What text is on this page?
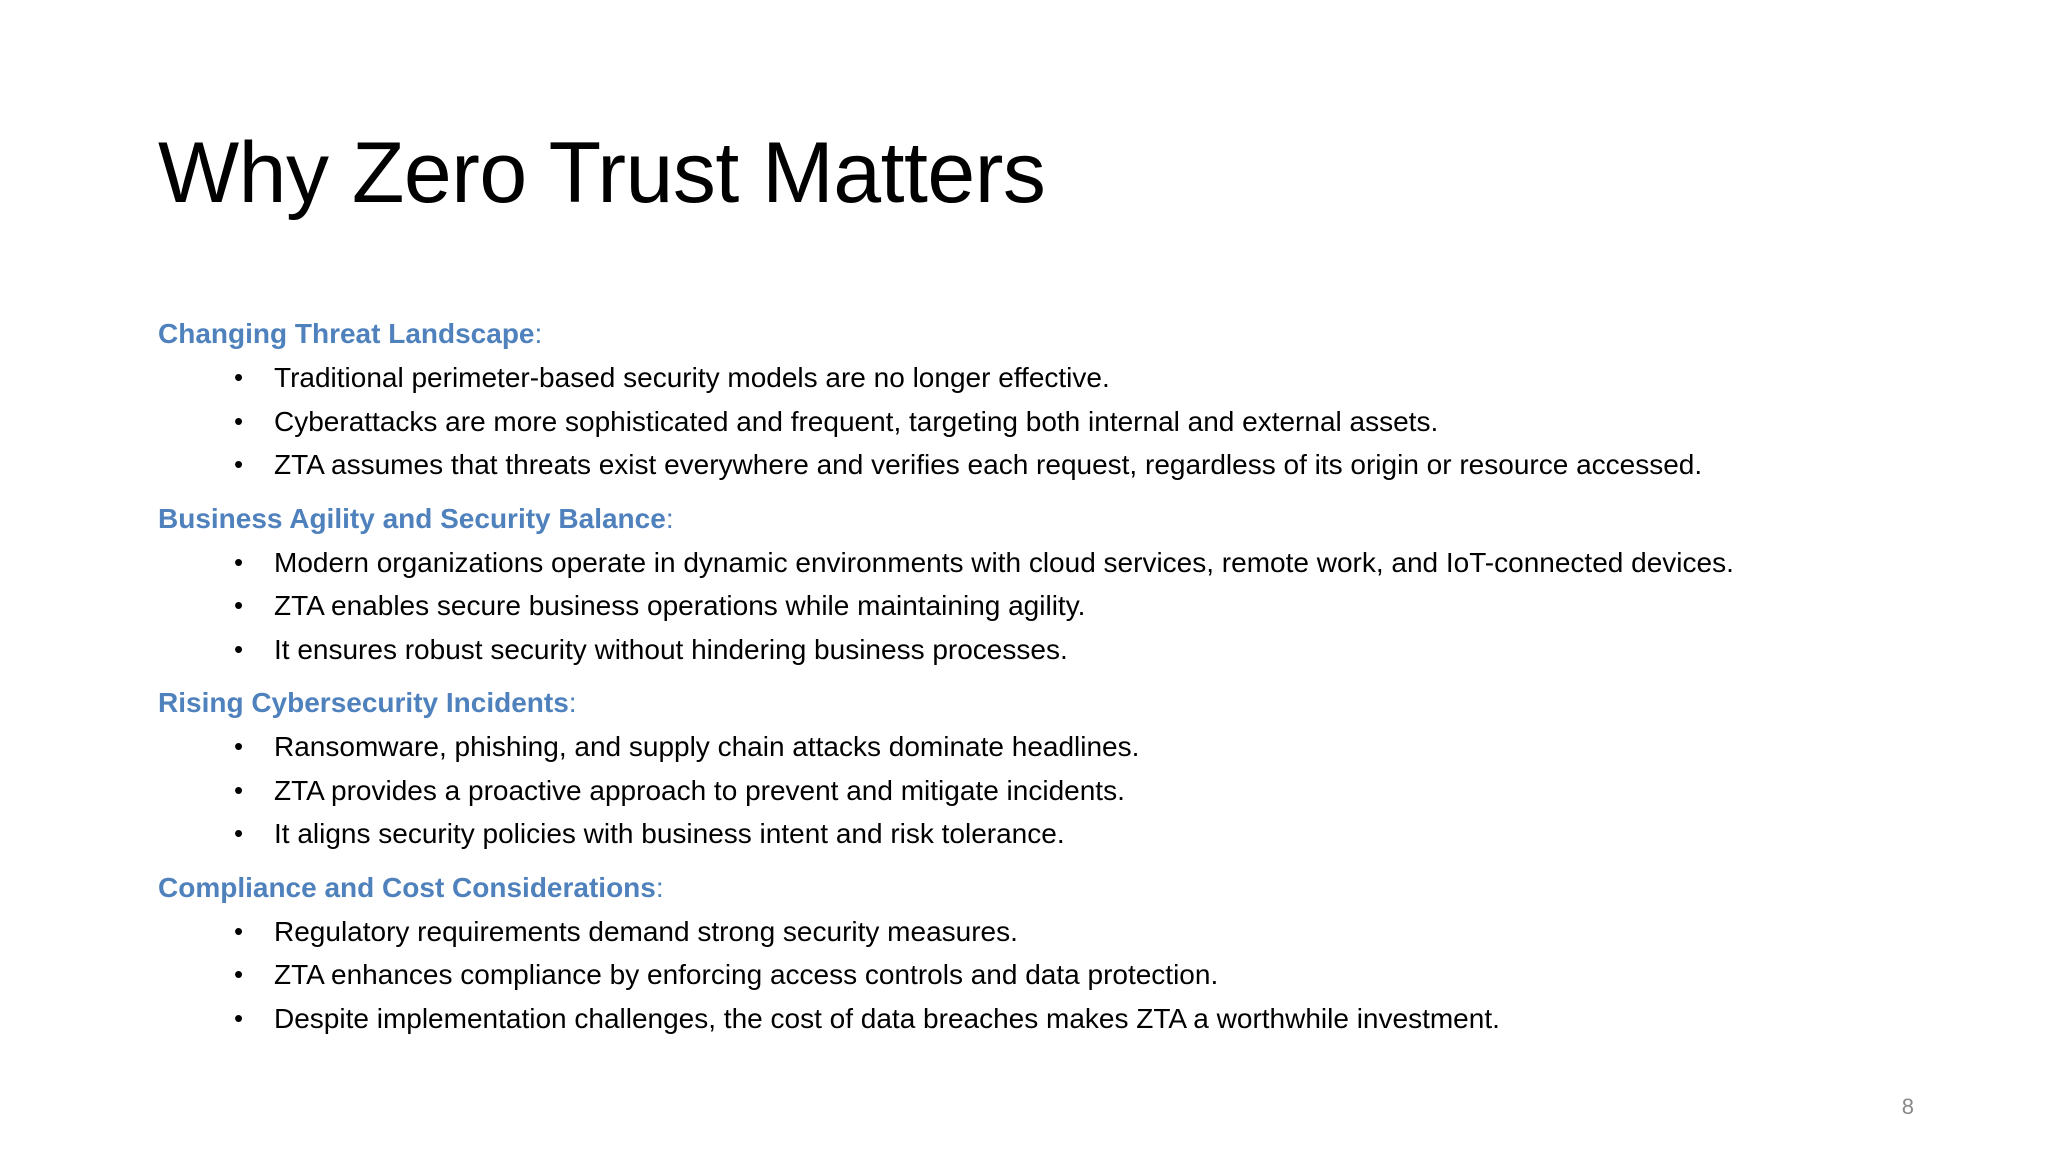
Why Zero Trust Matters

Changing Threat Landscape:

• Traditional perimeter-based security models are no longer effective.
• Cyberattacks are more sophisticated and frequent, targeting both internal and external assets.
• ZTA assumes that threats exist everywhere and verifies each request, regardless of its origin or resource accessed.

Business Agility and Security Balance:

• Modern organizations operate in dynamic environments with cloud services, remote work, and IoT-connected devices.
• ZTA enables secure business operations while maintaining agility.
• It ensures robust security without hindering business processes.

Rising Cybersecurity Incidents:

• Ransomware, phishing, and supply chain attacks dominate headlines.
• ZTA provides a proactive approach to prevent and mitigate incidents.
• It aligns security policies with business intent and risk tolerance.

Compliance and Cost Considerations:

• Regulatory requirements demand strong security measures.
• ZTA enhances compliance by enforcing access controls and data protection.
• Despite implementation challenges, the cost of data breaches makes ZTA a worthwhile investment.
8
